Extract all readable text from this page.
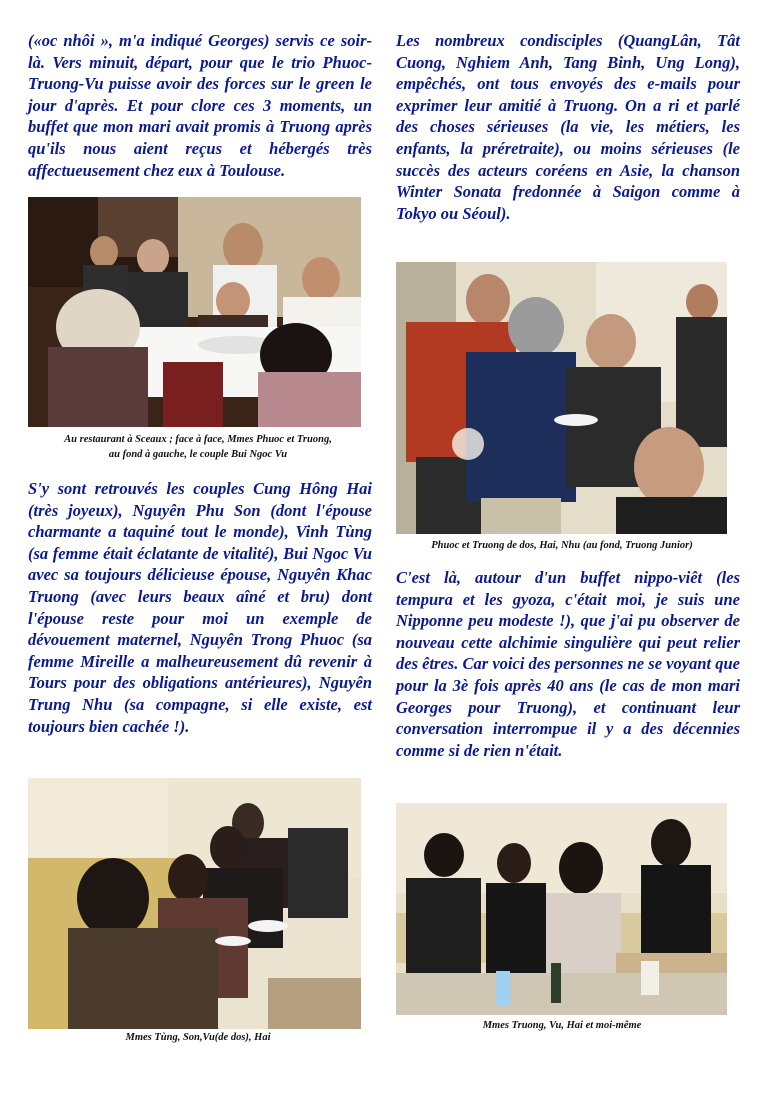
(«oc nhôi », m'a indiqué Georges) servis ce soir-là. Vers minuit, départ, pour que le trio Phuoc-Truong-Vu puisse avoir des forces sur le green le jour d'après. Et pour clore ces 3 moments, un buffet que mon mari avait promis à Truong après qu'ils nous aient reçus et hébergés très affectueusement chez eux à Toulouse.

Les nombreux condisciples (QuangLân, Tât Cuong, Nghiem Anh, Tang Binh, Ung Long), empêchés, ont tous envoyés des e-mails pour exprimer leur amitié à Truong. On a ri et parlé des choses sérieuses (la vie, les métiers, les enfants, la préretraite), ou moins sérieuses (le succès des acteurs coréens en Asie, la chanson Winter Sonata fredonnée à Saigon comme à Tokyo ou Séoul).

S'y sont retrouvés les couples Cung Hông Hai (très joyeux), Nguyên Phu Son (dont l'épouse charmante a taquiné tout le monde), Vinh Tùng (sa femme était éclatante de vitalité), Bui Ngoc Vu avec sa toujours délicieuse épouse, Nguyên Khac Truong (avec leurs beaux aîné et bru) dont l'épouse reste pour moi un exemple de dévouement maternel, Nguyên Trong Phuoc (sa femme Mireille a malheureusement dû revenir à Tours pour des obligations antérieures), Nguyên Trung Nhu (sa compagne, si elle existe, est toujours bien cachée !).

C'est là, autour d'un buffet nippo-viêt (les tempura et les gyoza, c'était moi, je suis une Nipponne peu modeste !), que j'ai pu observer de nouveau cette alchimie singulière qui peut relier des êtres. Car voici des personnes ne se voyant que pour la 3è fois après 40 ans (le cas de mon mari Georges pour Truong), et continuant leur conversation interrompue il y a des décennies comme si de rien n'était.

Au restaurant à Sceaux ; face à face, Mmes Phuoc et Truong,

au fond à gauche, le couple Bui Ngoc Vu

Phuoc et Truong de dos, Hai, Nhu (au fond, Truong Junior)

Mmes Tùng, Son,Vu(de dos), Hai

Mmes Truong, Vu, Hai et moi-même
